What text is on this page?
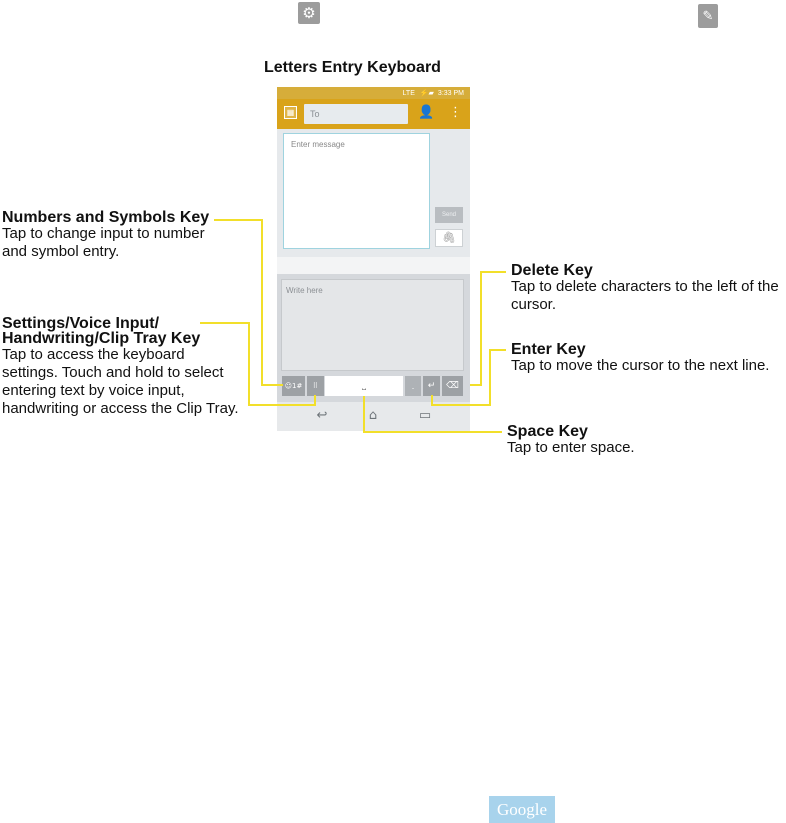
⚙
···
✎
Letters Entry Keyboard
LTE ⚡ ▰ 3:33 PM
▦	To	👤 ⋮
Enter message
Send
🖇
Write here
☺1#	⠿	⎵	.	↵	⌫
↩	⌂	▭
Numbers and Symbols Key
Tap to change input to number and symbol entry.
Settings/Voice Input/ Handwriting/Clip Tray Key
Tap to access the keyboard settings. Touch and hold to select entering text by voice input, handwriting or access the Clip Tray.
Delete Key
Tap to delete characters to the left of the cursor.
Enter Key
Tap to move the cursor to the next line.
Space Key
Tap to enter space.
Google
